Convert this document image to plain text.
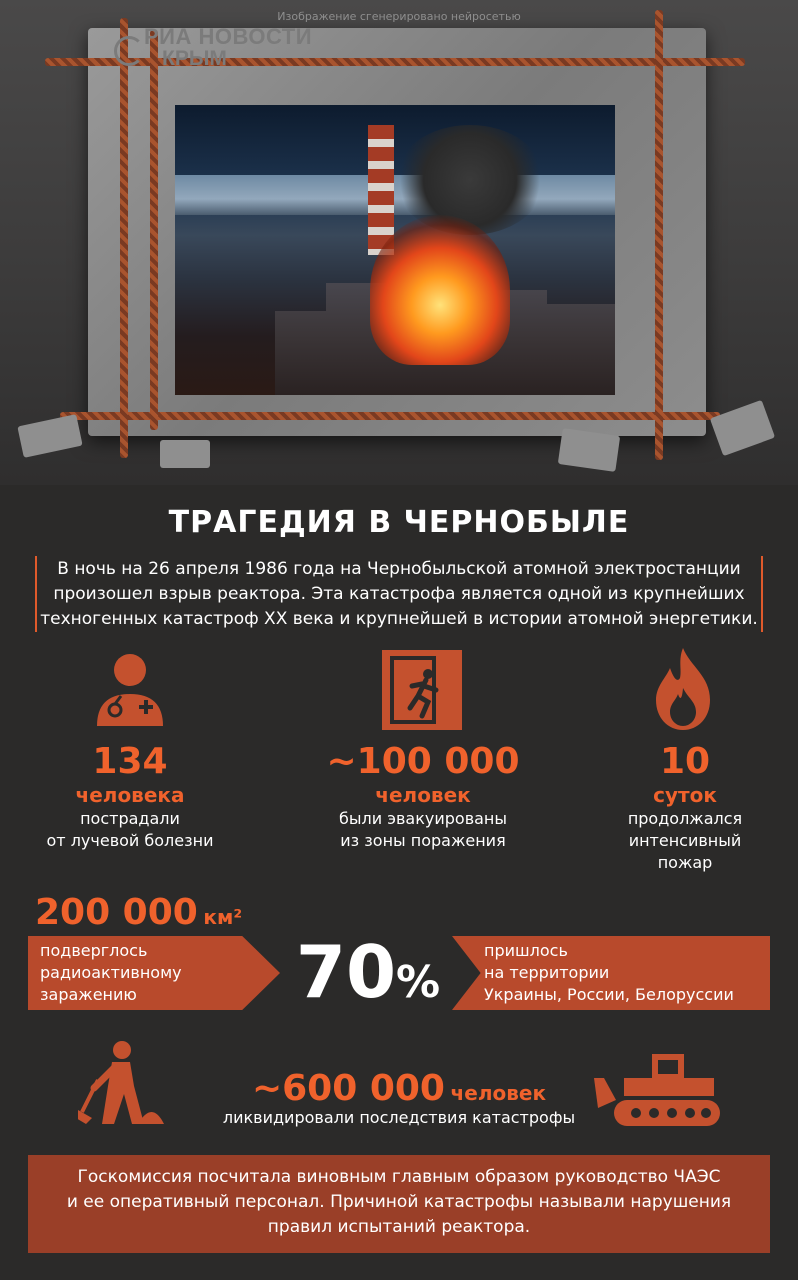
Изображение сгенерировано нейросетью
РИА НОВОСТИ
КРЫМ
ТРАГЕДИЯ В ЧЕРНОБЫЛЕ
В ночь на 26 апреля 1986 года на Чернобыльской атомной электростанции
произошел взрыв реактора. Эта катастрофа является одной из крупнейших
техногенных катастроф XX века и крупнейшей в истории атомной энергетики.
134
человека
пострадали
от лучевой болезни
~100 000
человек
были эвакуированы
из зоны поражения
10
суток
продолжался
интенсивный
пожар
200 000 км²
подверглось
радиоактивному
заражению	70%
пришлось
на территории
Украины, России, Белоруссии
~600 000 человек
ликвидировали последствия катастрофы
Госкомиссия посчитала виновным главным образом руководство ЧАЭС
и ее оперативный персонал. Причиной катастрофы называли нарушения
правил испытаний реактора.
